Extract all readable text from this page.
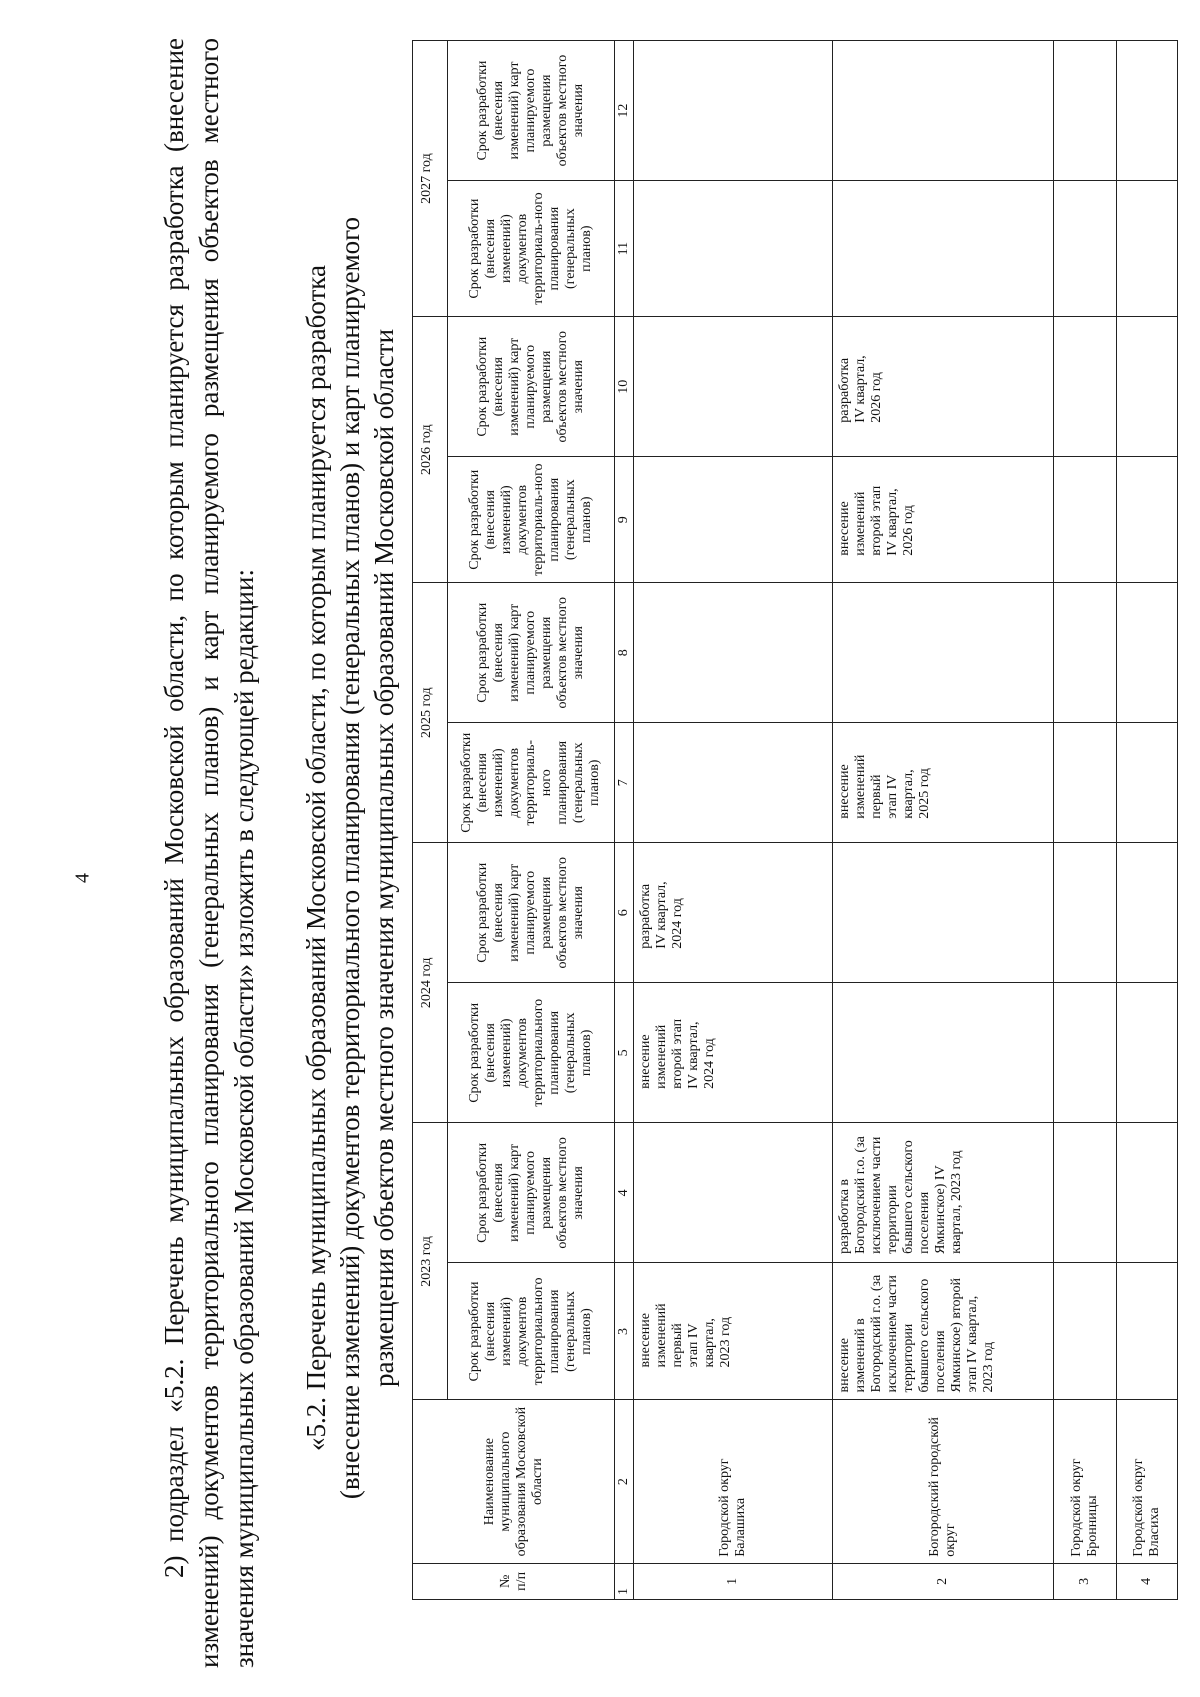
4 2) подраздел «5.2. Перечень муниципальных образований Московской области, по которым планируется разработка (внесение изменений) документов территориального планирования (генеральных планов) и карт планируемого размещения объектов местного значения муниципальных образований Московской области» изложить в следующей редакции:	«5.2. Перечень муниципальных образований Московской области, по которым планируется разработка (внесение изменений) документов территориального планирования (генеральных планов) и карт планируемого размещения объектов местного значения муниципальных образований Московской области

№ п/п	Наименование муниципального образования Московской области	2023 год		2024 год		2025 год		2026 год		2027 год	
		Срок разработки (внесения изменений) документов территориального планирования (генеральных планов)	Срок разработки (внесения изменений) карт планируемого размещения объектов местного значения	Срок разработки (внесения изменений) документов территориального планирования (генеральных планов)	Срок разработки (внесения изменений) карт планируемого размещения объектов местного значения	Срок разработки (внесения изменений) документов территориаль-ного планирования (генеральных планов)	Срок разработки (внесения изменений) карт планируемого размещения объектов местного значения	Срок разработки (внесения изменений) документов территориаль-ного планирования (генеральных планов)	Срок разработки (внесения изменений) карт планируемого размещения объектов местного значения	Срок разработки (внесения изменений) документов территориаль-ного планирования (генеральных планов)	Срок разработки (внесения изменений) карт планируемого размещения объектов местного значения
1	2	3	4	5	6	7	8	9	10	11	12
1	Городской округ Балашиха	внесение изменений первый этап IV квартал, 2023 год		внесение изменений второй этап IV квартал, 2024 год	разработка IV квартал, 2024 год						
2	Богородский городской округ	внесение изменений в Богородский г.о. (за исключением части территории бывшего сельского поселения Ямкинское) второй этап IV квартал, 2023 год	разработка в Богородский г.о. (за исключением части территории бывшего сельского поселения Ямкинское) IV квартал, 2023 год			внесение изменений первый этап IV квартал, 2025 год		внесение изменений второй этап IV квартал, 2026 год	разработка IV квартал, 2026 год		
3	Городской округ Бронницы										
4	Городской округ Власиха										
